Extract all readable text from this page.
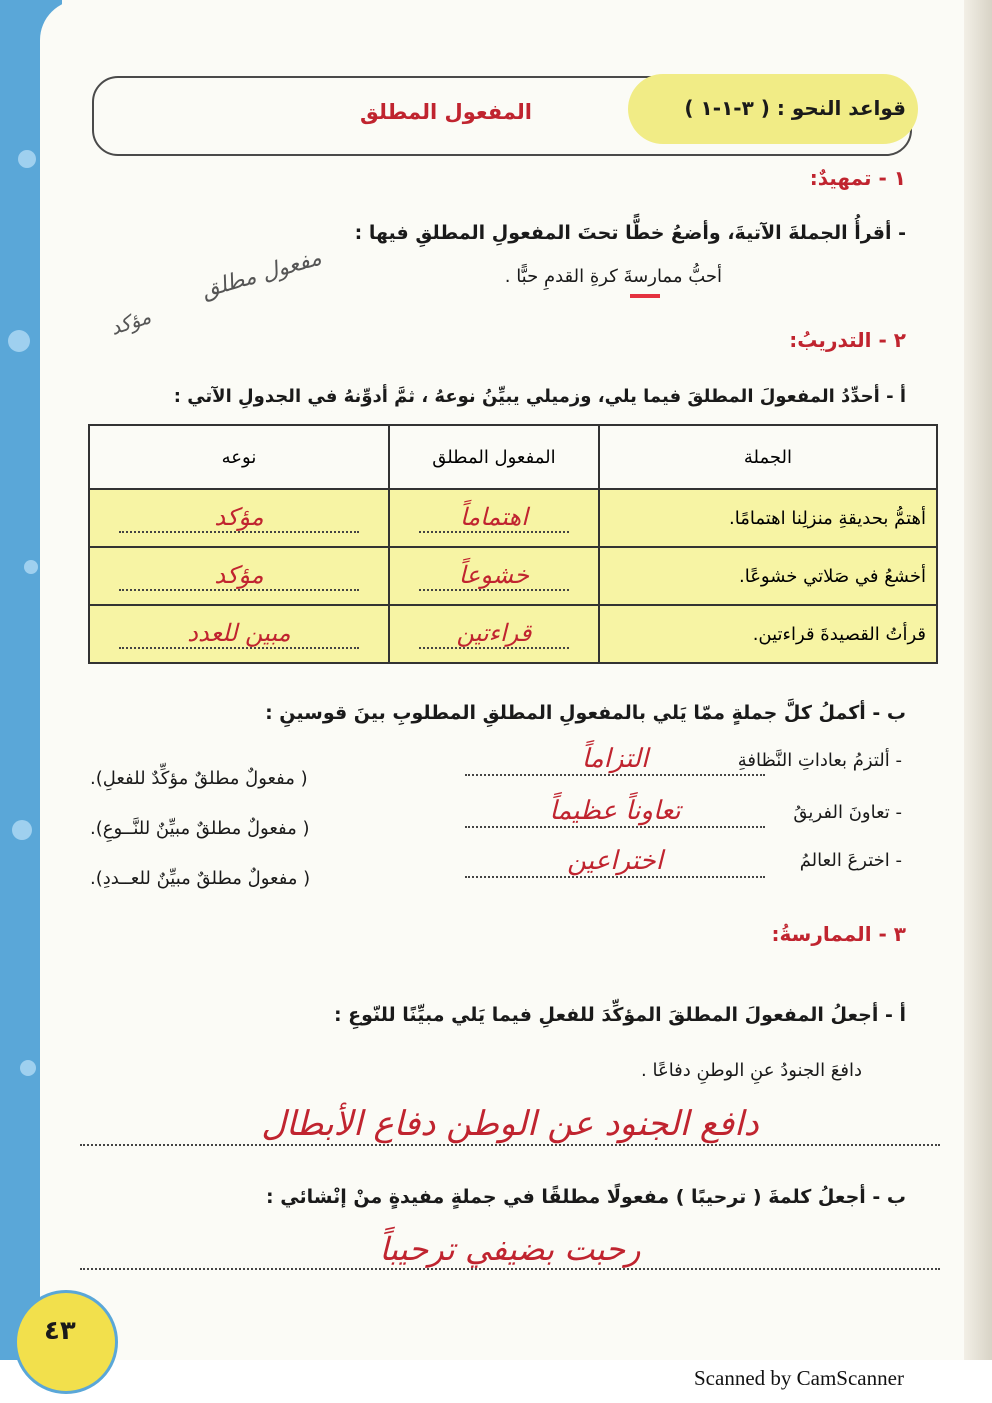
قواعد النحو : ( ٣-١-١ )
المفعول المطلق
١ - تمهيدٌ:
- أقرأُ الجملةَ الآتيةَ، وأضعُ خطًّا تحتَ المفعولِ المطلقِ فيها :
أحبُّ ممارسةَ كرةِ القدمِ حبًّا .
مفعول مطلق
مؤكد
٢ - التدريبُ:
أ - أحدِّدُ المفعولَ المطلقَ فيما يلي، وزميلي يبيِّنُ نوعهُ ، ثمَّ أدوِّنهُ في الجدولِ الآتي :
الجملة	المفعول المطلق	نوعه
أهتمُّ بحديقةِ منزلِنا اهتمامًا.	اهتماماً	مؤكد
أخشعُ في صَلاتي خشوعًا.	خشوعاً	مؤكد
قرأتُ القصيدةَ قراءتين.	قراءتين	مبين للعدد
ب - أكملُ كلَّ جملةٍ ممّا يَلي بالمفعولِ المطلقِ المطلوبِ بينَ قوسينِ :
- ألتزمُ بعاداتِ النَّظافةِ
التزاماً
( مفعولٌ مطلقٌ مؤكِّدٌ للفعلِ).
- تعاونَ الفريقُ
تعاوناً عظيماً
( مفعولٌ مطلقٌ مبيِّنٌ للنَّــوعِ).
- اخترعَ العالمُ
اختراعين
( مفعولٌ مطلقٌ مبيِّنٌ للعــددِ).
٣ - الممارسةُ:
أ - أجعلُ المفعولَ المطلقَ المؤكِّدَ للفعلِ فيما يَلي مبيِّنًا للنّوعِ :
دافعَ الجنودُ عنِ الوطنِ دفاعًا .
دافع الجنود عن الوطن دفاع الأبطال
ب - أجعلُ كلمةَ ( ترحيبًا ) مفعولًا مطلقًا في جملةٍ مفيدةٍ منْ إنْشائي :
رحبت بضيفي ترحيباً
٤٣
Scanned by CamScanner
